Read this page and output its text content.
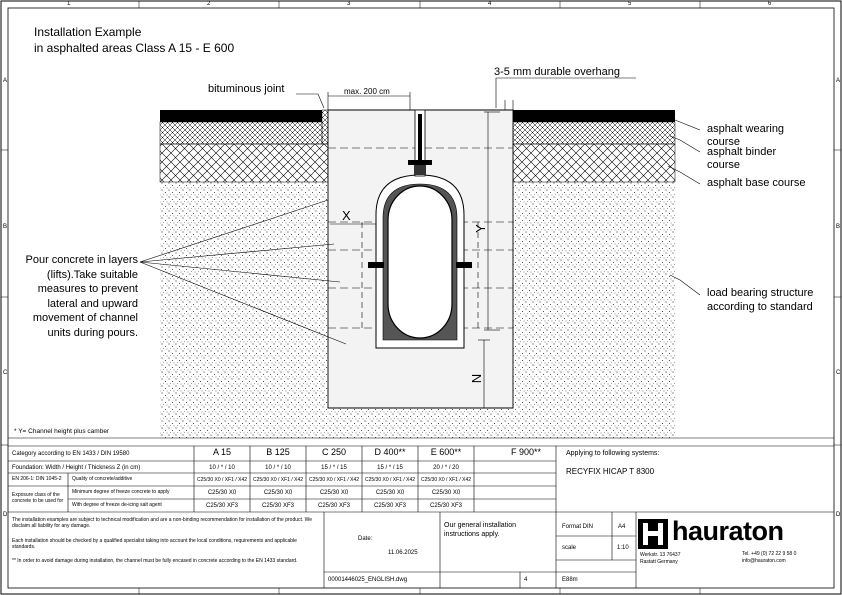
1	2	3	4	5	6
A
B
C
D
A
B
C
D
Installation Example
in asphalted areas Class A 15 - E 600
bituminous joint	max. 200 cm
3-5 mm durable overhang
asphalt wearing course
asphalt binder course
asphalt base course
Pour concrete in layers (lifts).Take suitable measures to prevent lateral and upward movement of channel units during pours.
load bearing structure according to standard
X
Y
N
* Y= Channel height plus camber
Category according to EN 1433 / DIN 19580	A 15	B 125	C 250	D 400**	E 600**	F 900**
Foundation: Width / Height / Thickness Z (in cm)	10 / * / 10	10 / * / 10	15 / * / 15	15 / * / 15	20 / * / 20
EN 206-1: DIN 1045-2	Quality of concrete/additive	C25/30 X0 / XF1 / X42	C25/30 X0 / XF1 / X42	C25/30 X0 / XF1 / X42	C25/30 X0 / XF1 / X42	C25/30 X0 / XF1 / X42
Exposure class of the concrete to be used for
Minimum degree of freeze concrete to apply	C25/30 X0	C25/30 X0	C25/30 X0	C25/30 X0	C25/30 X0
With degree of freeze de-icing salt agent	C25/30 XF3	C25/30 XF3	C25/30 XF3	C25/30 XF3	C25/30 XF3
Applying to following systems:
RECYFIX HICAP T 8300
The installation examples are subject to technical modification and are a non-binding recommendation for installation of the product. We disclaim all liability for any damage.
Each installation should be checked by a qualified specialist taking into account the local conditions, requirements and applicable standards.
** In order to avoid damage during installation, the channel must be fully encased in concrete according to the EN 1433 standard.
Date:
11.06.2025
Our general installation instructions apply.
Format DIN	A4
scale	1:10
00001446025_ENGLISH.dwg	4	E88m
hauraton
Werkstr. 13 76437 Rastatt Germany
Tel. +49 (0) 72 22 9 58 0
info@hauraton.com
